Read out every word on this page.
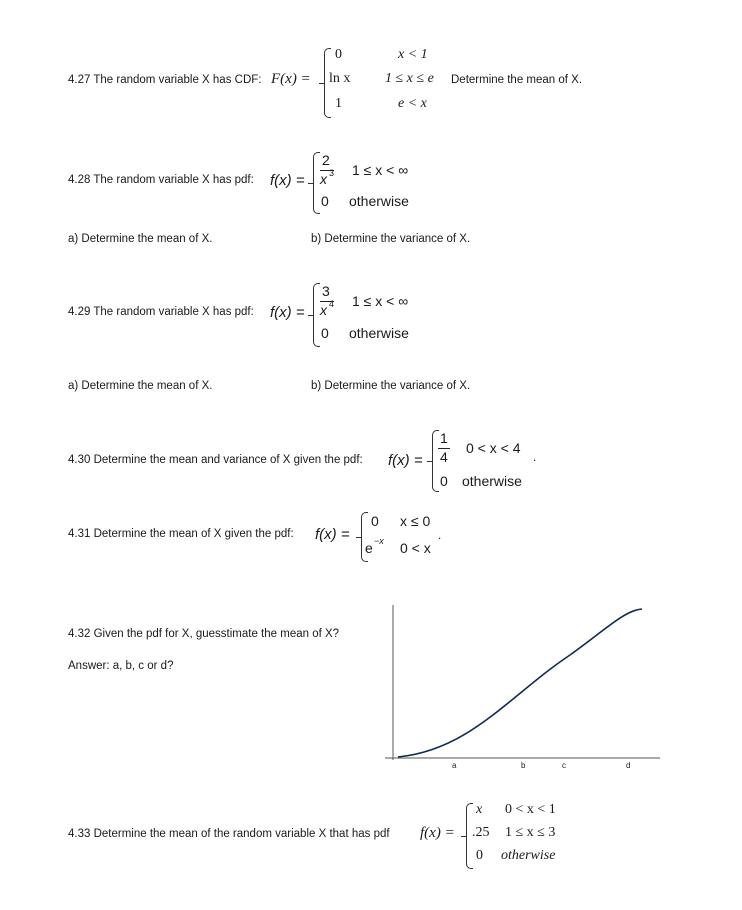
4.27 The random variable X has CDF: F(x) =
0	x < 1
ln x 1 ≤ x ≤ e
1	e < x
Determine the mean of X.
4.28 The random variable X has pdf: f(x) =
2
x 3 1 ≤ x < ∞
0 otherwise
a) Determine the mean of X.	b) Determine the variance of X.
4.29 The random variable X has pdf: f(x) =
3
x 4 1 ≤ x < ∞
0 otherwise
a) Determine the mean of X.	b) Determine the variance of X.
4.30 Determine the mean and variance of X given the pdf: f(x) =
1
4
0 < x < 4
0 otherwise
.
4.31 Determine the mean of X given the pdf: f(x) =
0 x ≤ 0
e −x 0 < x
.
4.32 Given the pdf for X, guesstimate the mean of X?
Answer: a, b, c or d?
a	b	c	d
4.33 Determine the mean of the random variable X that has pdf f(x) =
x 0 < x < 1
.25 1 ≤ x ≤ 3
0 otherwise
